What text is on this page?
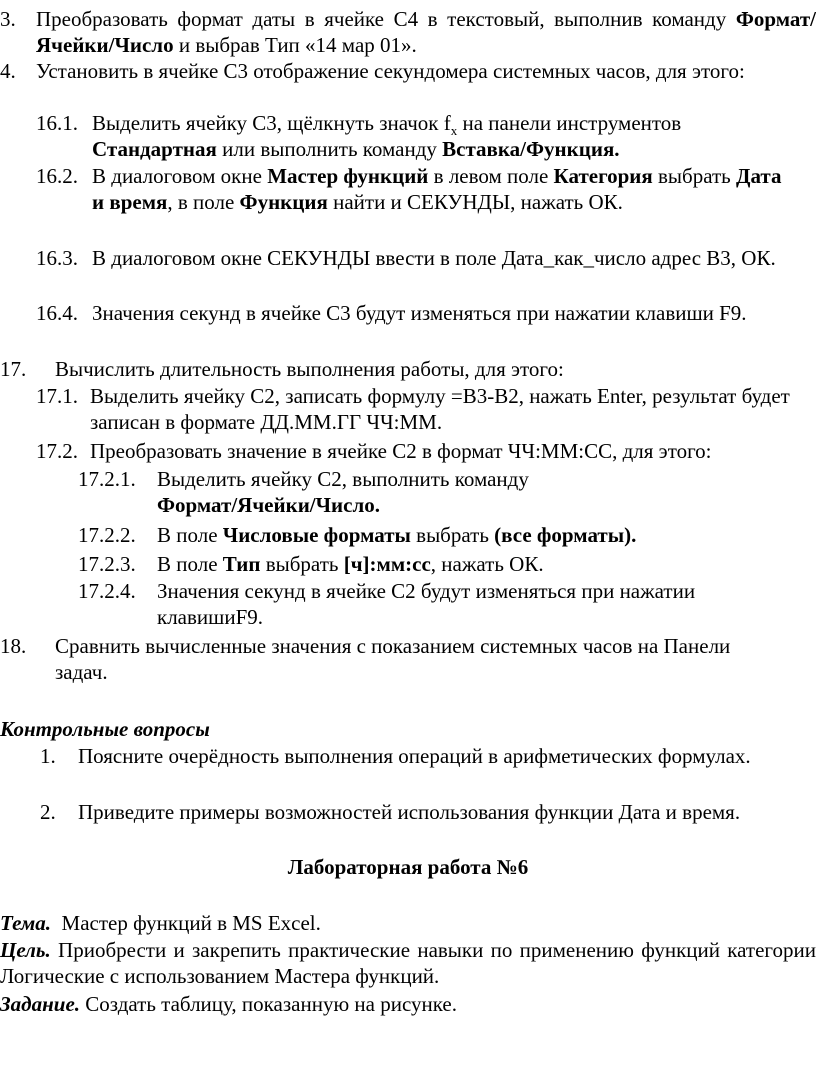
3. Преобразовать формат даты в ячейке С4 в текстовый, выполнив команду Формат/Ячейки/Число и выбрав Тип «14 мар 01».
4. Установить в ячейке С3 отображение секундомера системных часов, для этого:
16.1. Выделить ячейку С3, щёлкнуть значок $f_x$ на панели инструментов Стандартная или выполнить команду Вставка/Функция.
16.2. В диалоговом окне Мастер функций в левом поле Категория выбрать Дата и время, в поле Функция найти и СЕКУНДЫ, нажать ОК.
16.3. В диалоговом окне СЕКУНДЫ ввести в поле Дата_как_число адрес В3, ОК.
16.4. Значения секунд в ячейке С3 будут изменяться при нажатии клавиши F9.
17. Вычислить длительность выполнения работы, для этого:
17.1. Выделить ячейку С2, записать формулу =В3-В2, нажать Enter, результат будет записан в формате ДД.ММ.ГГ ЧЧ:ММ.
17.2. Преобразовать значение в ячейке С2 в формат ЧЧ:ММ:СС, для этого:
17.2.1. Выделить ячейку С2, выполнить команду
Формат/Ячейки/Число.
17.2.2. В поле Числовые форматы выбрать (все форматы).
17.2.3. В поле Тип выбрать [ч]:мм:сс, нажать ОК.
17.2.4. Значения секунд в ячейке С2 будут изменяться при нажатии клавишиF9.
18. Сравнить вычисленные значения с показанием системных часов на Панели задач.
Контрольные вопросы
1. Поясните очерёдность выполнения операций в арифметических формулах.
2. Приведите примеры возможностей использования функции Дата и время.
Лабораторная работа №6
Тема.  Мастер функций в MS Excel.
Цель. Приобрести и закрепить практические навыки по применению функций категории Логические с использованием Мастера функций.
Задание. Создать таблицу, показанную на рисунке.
